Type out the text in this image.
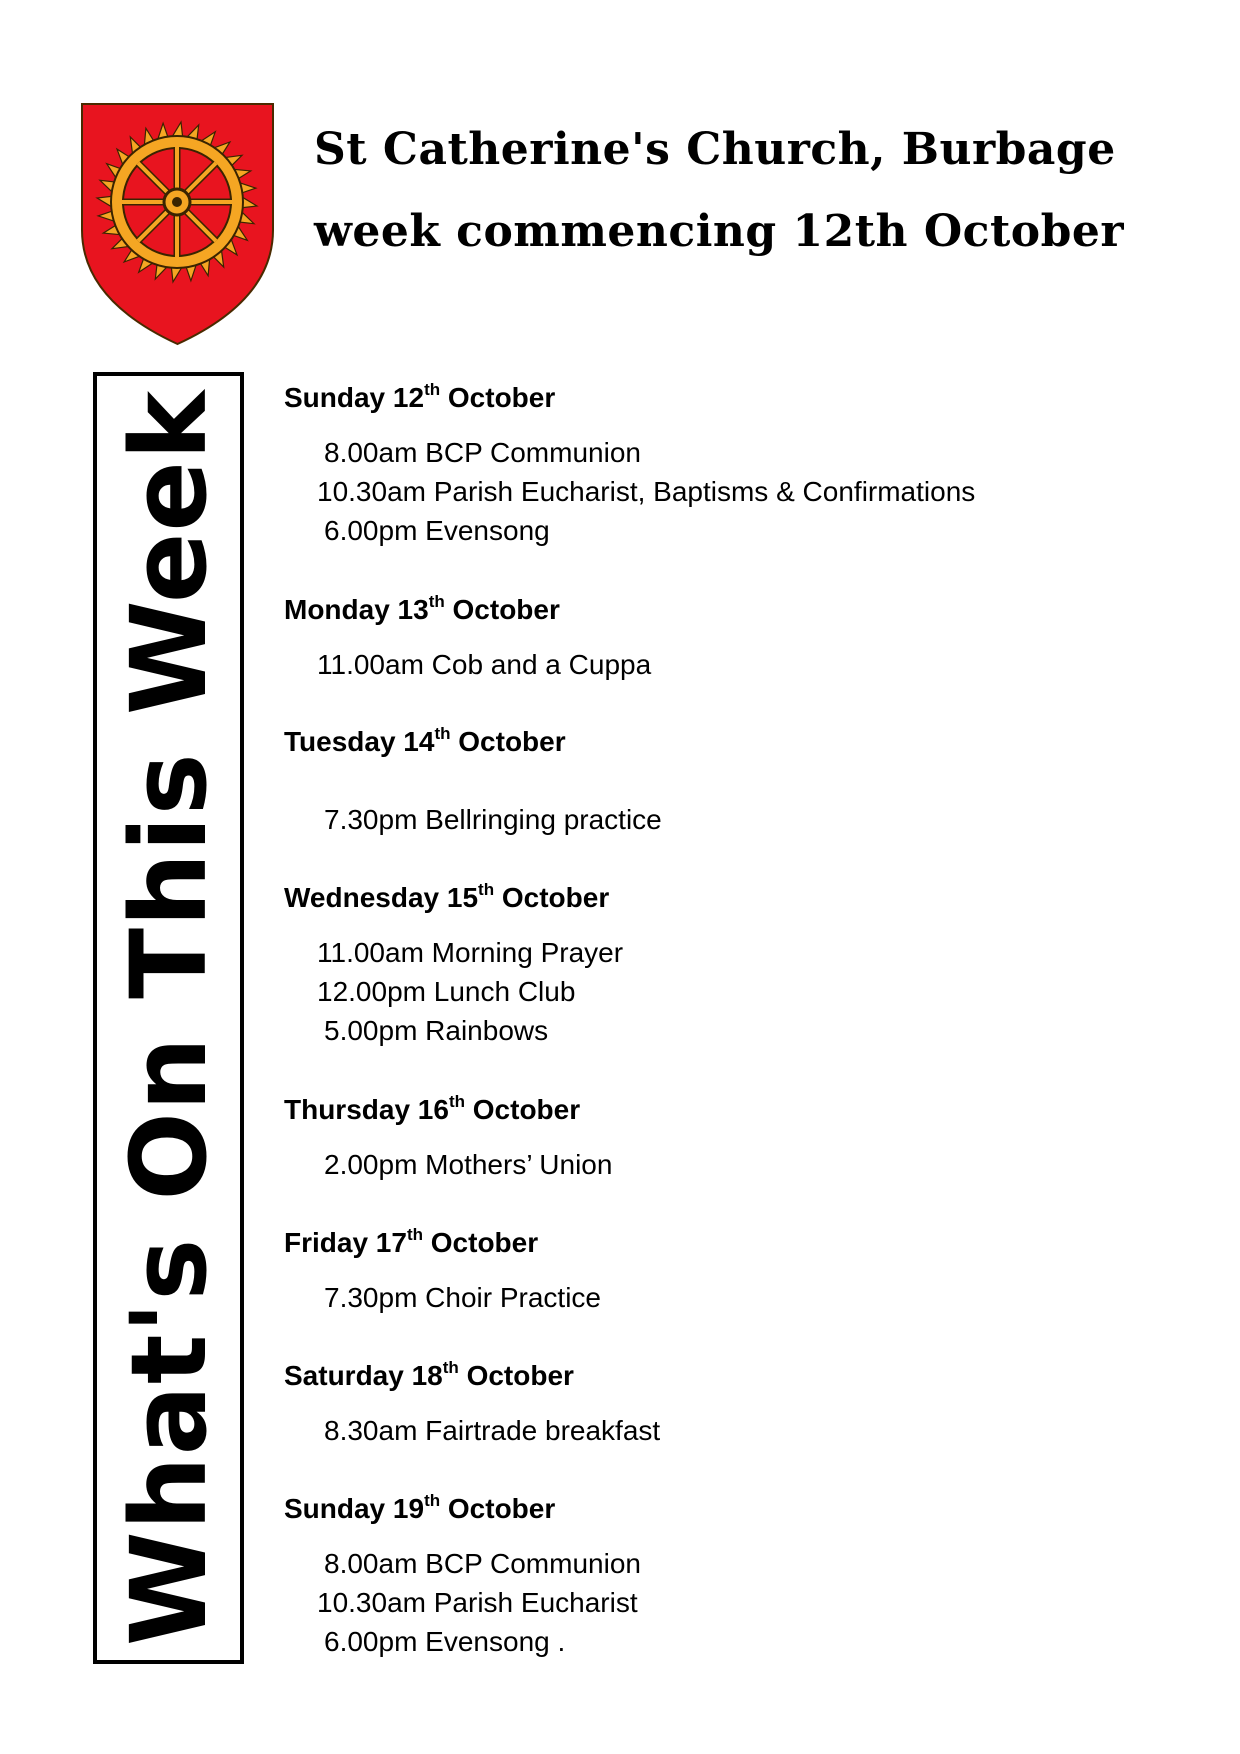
St Catherine's Church, Burbage
week commencing 12th October
What's On This Week Sunday 12th October
8.00am BCP Communion
10.30am Parish Eucharist, Baptisms & Confirmations
6.00pm Evensong
Monday 13th October
11.00am Cob and a Cuppa
Tuesday 14th October
7.30pm Bellringing practice
Wednesday 15th October
11.00am Morning Prayer
12.00pm Lunch Club
5.00pm Rainbows
Thursday 16th October
2.00pm Mothers’ Union
Friday 17th October
7.30pm Choir Practice
Saturday 18th October
8.30am Fairtrade breakfast
Sunday 19th October
8.00am BCP Communion
10.30am Parish Eucharist
6.00pm Evensong .
